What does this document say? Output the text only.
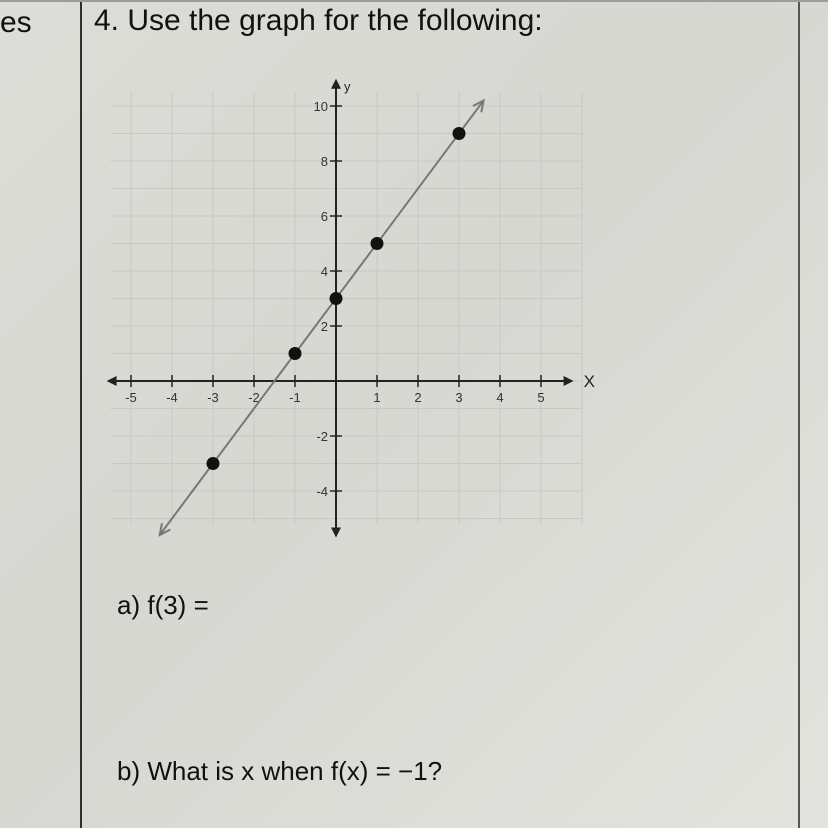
es 4. Use the graph for the following:
-5 -4 -3 -2 -1	1	2	3	4	5
-4
-2
2
4
6
8
10
X
y
a) f(3) =
b) What is x when f(x) = −1?
